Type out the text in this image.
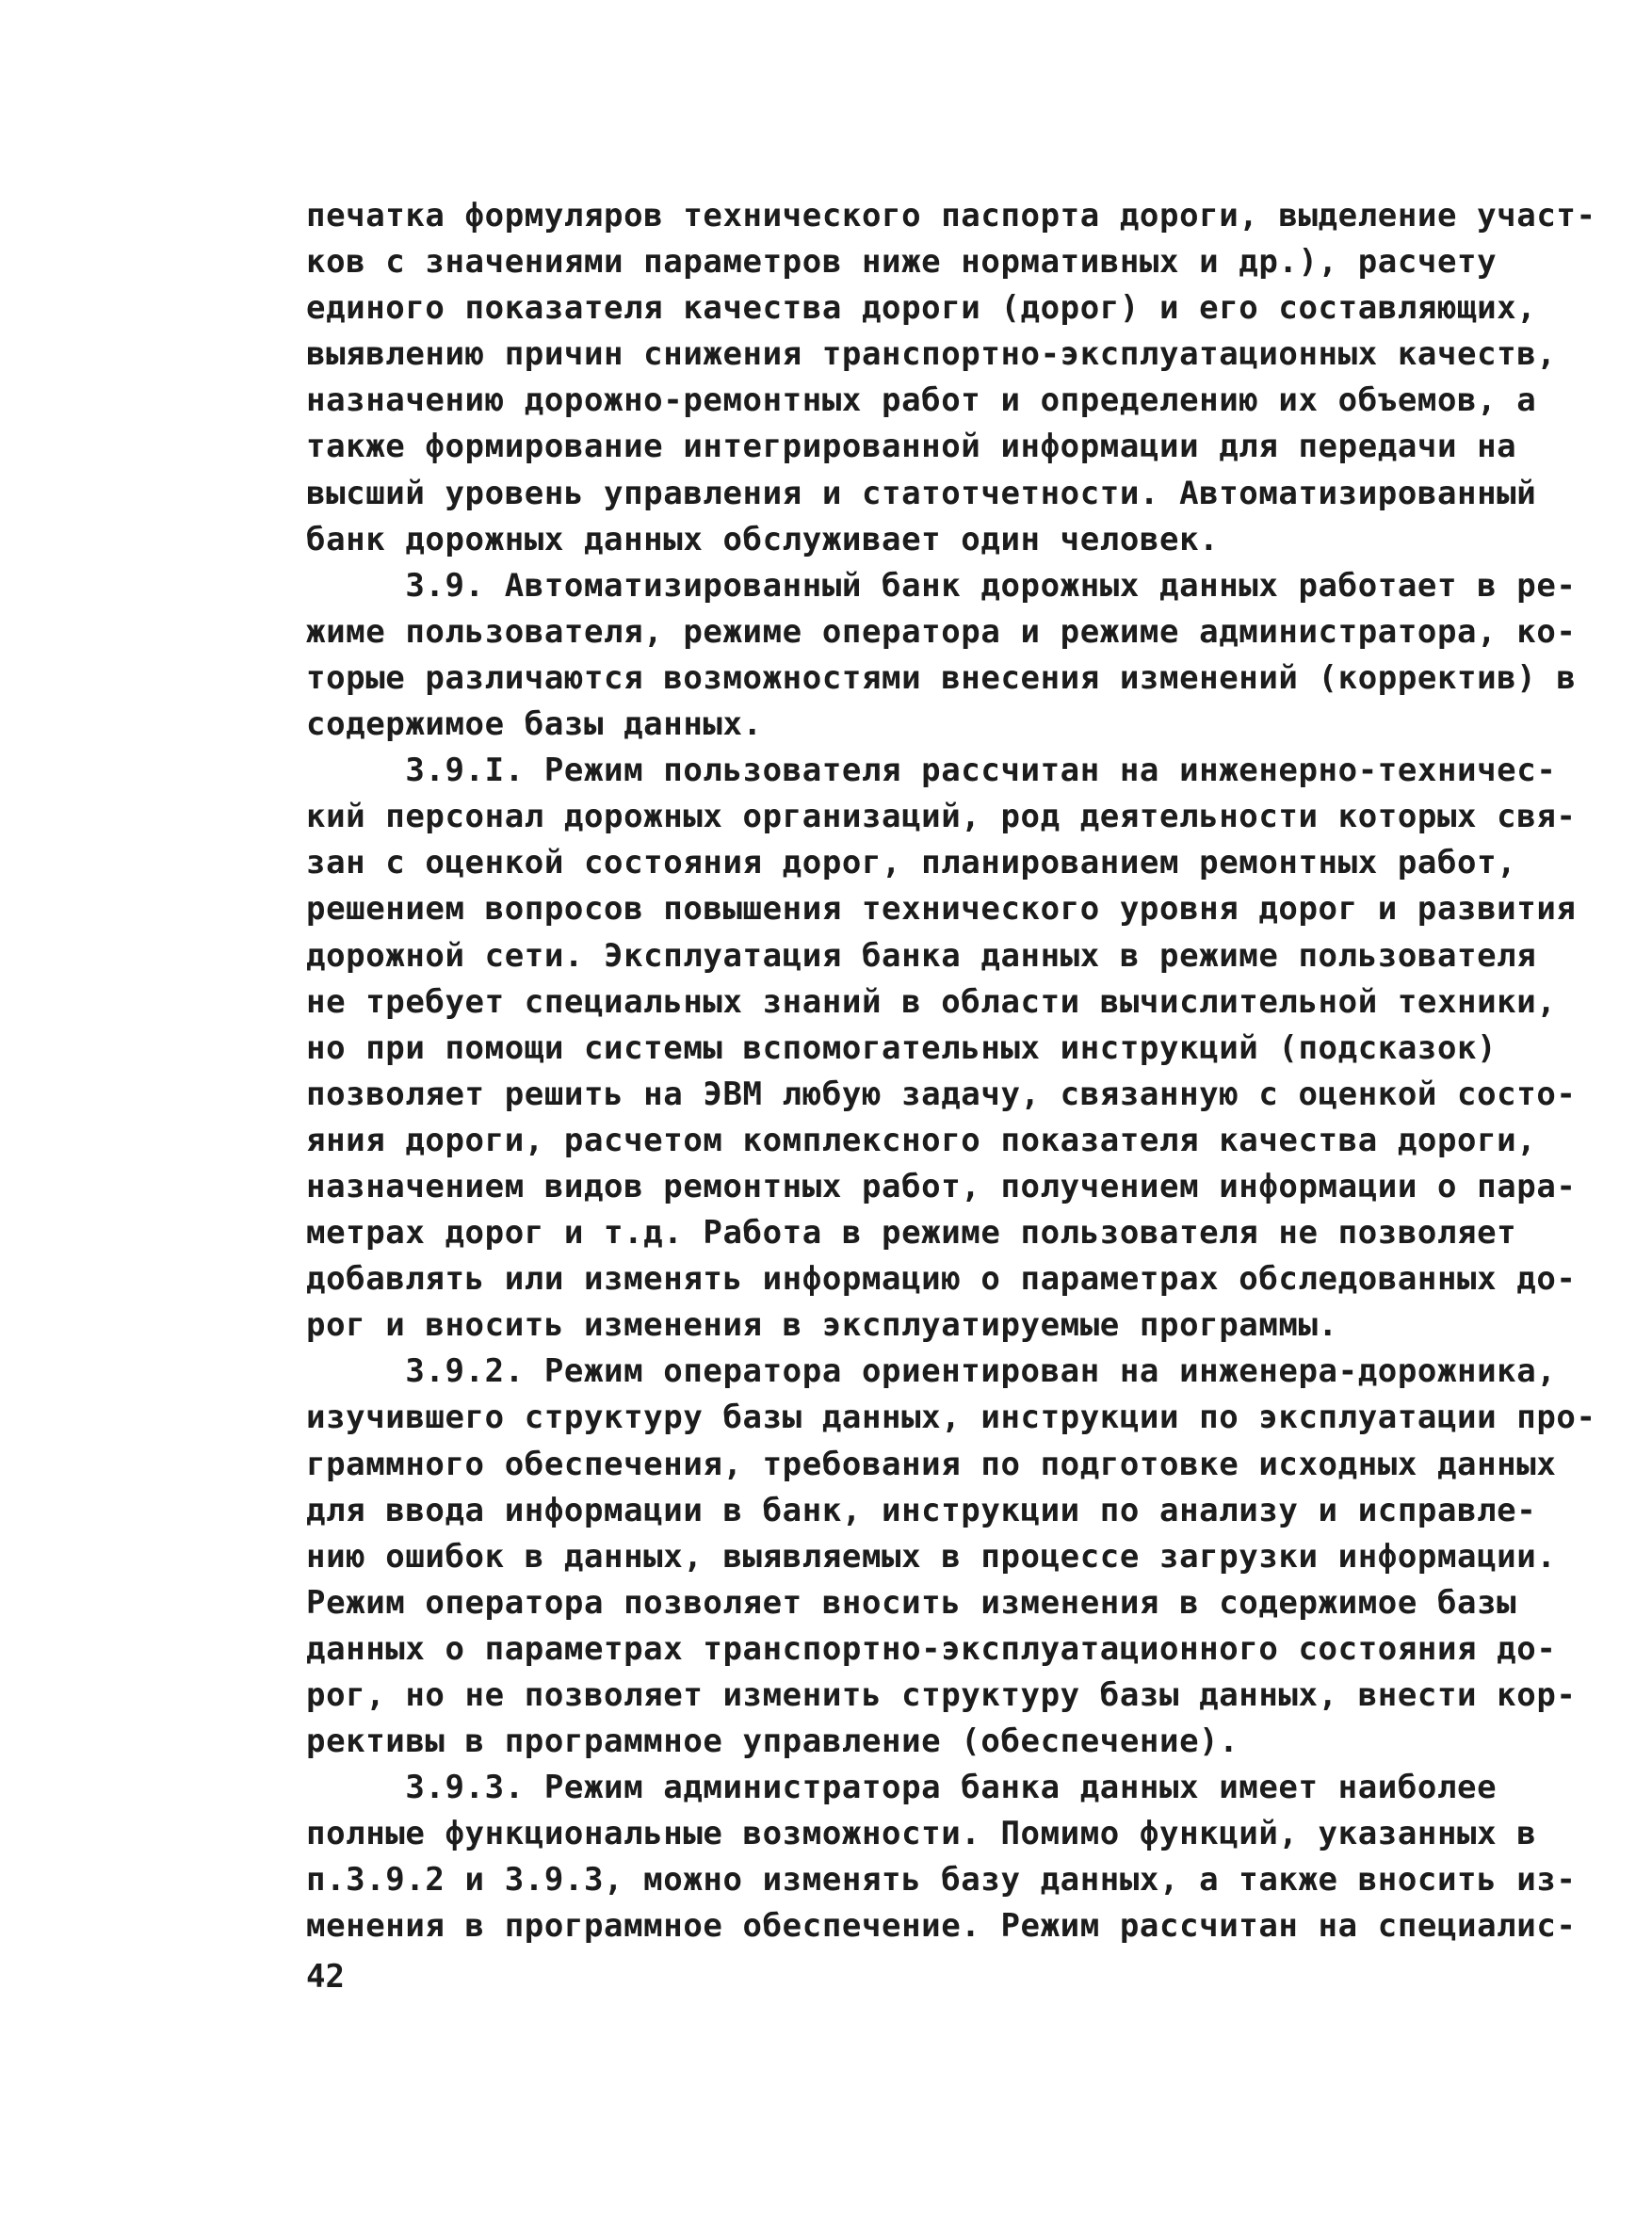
печатка формуляров технического паспорта дороги, выделение участ-
ков с значениями параметров ниже нормативных и др.), расчету
единого показателя качества дороги (дорог) и его составляющих,
выявлению причин снижения транспортно-эксплуатационных качеств,
назначению дорожно-ремонтных работ и определению их объемов, а
также формирование интегрированной информации для передачи на
высший уровень управления и статотчетности. Автоматизированный
банк дорожных данных обслуживает один человек.
3.9. Автоматизированный банк дорожных данных работает в ре-
жиме пользователя, режиме оператора и режиме администратора, ко-
торые различаются возможностями внесения изменений (корректив) в
содержимое базы данных.
3.9.I. Режим пользователя рассчитан на инженерно-техничес-
кий персонал дорожных организаций, род деятельности которых свя-
зан с оценкой состояния дорог, планированием ремонтных работ,
решением вопросов повышения технического уровня дорог и развития
дорожной сети. Эксплуатация банка данных в режиме пользователя
не требует специальных знаний в области вычислительной техники,
но при помощи системы вспомогательных инструкций (подсказок)
позволяет решить на ЭВМ любую задачу, связанную с оценкой состо-
яния дороги, расчетом комплексного показателя качества дороги,
назначением видов ремонтных работ, получением информации о пара-
метрах дорог и т.д. Работа в режиме пользователя не позволяет
добавлять или изменять информацию о параметрах обследованных до-
рог и вносить изменения в эксплуатируемые программы.
3.9.2. Режим оператора ориентирован на инженера-дорожника,
изучившего структуру базы данных, инструкции по эксплуатации про-
граммного обеспечения, требования по подготовке исходных данных
для ввода информации в банк, инструкции по анализу и исправле-
нию ошибок в данных, выявляемых в процессе загрузки информации.
Режим оператора позволяет вносить изменения в содержимое базы
данных о параметрах транспортно-эксплуатационного состояния до-
рог, но не позволяет изменить структуру базы данных, внести кор-
рективы в программное управление (обеспечение).
3.9.3. Режим администратора банка данных имеет наиболее
полные функциональные возможности. Помимо функций, указанных в
п.3.9.2 и 3.9.3, можно изменять базу данных, а также вносить из-
менения в программное обеспечение. Режим рассчитан на специалис-
42
